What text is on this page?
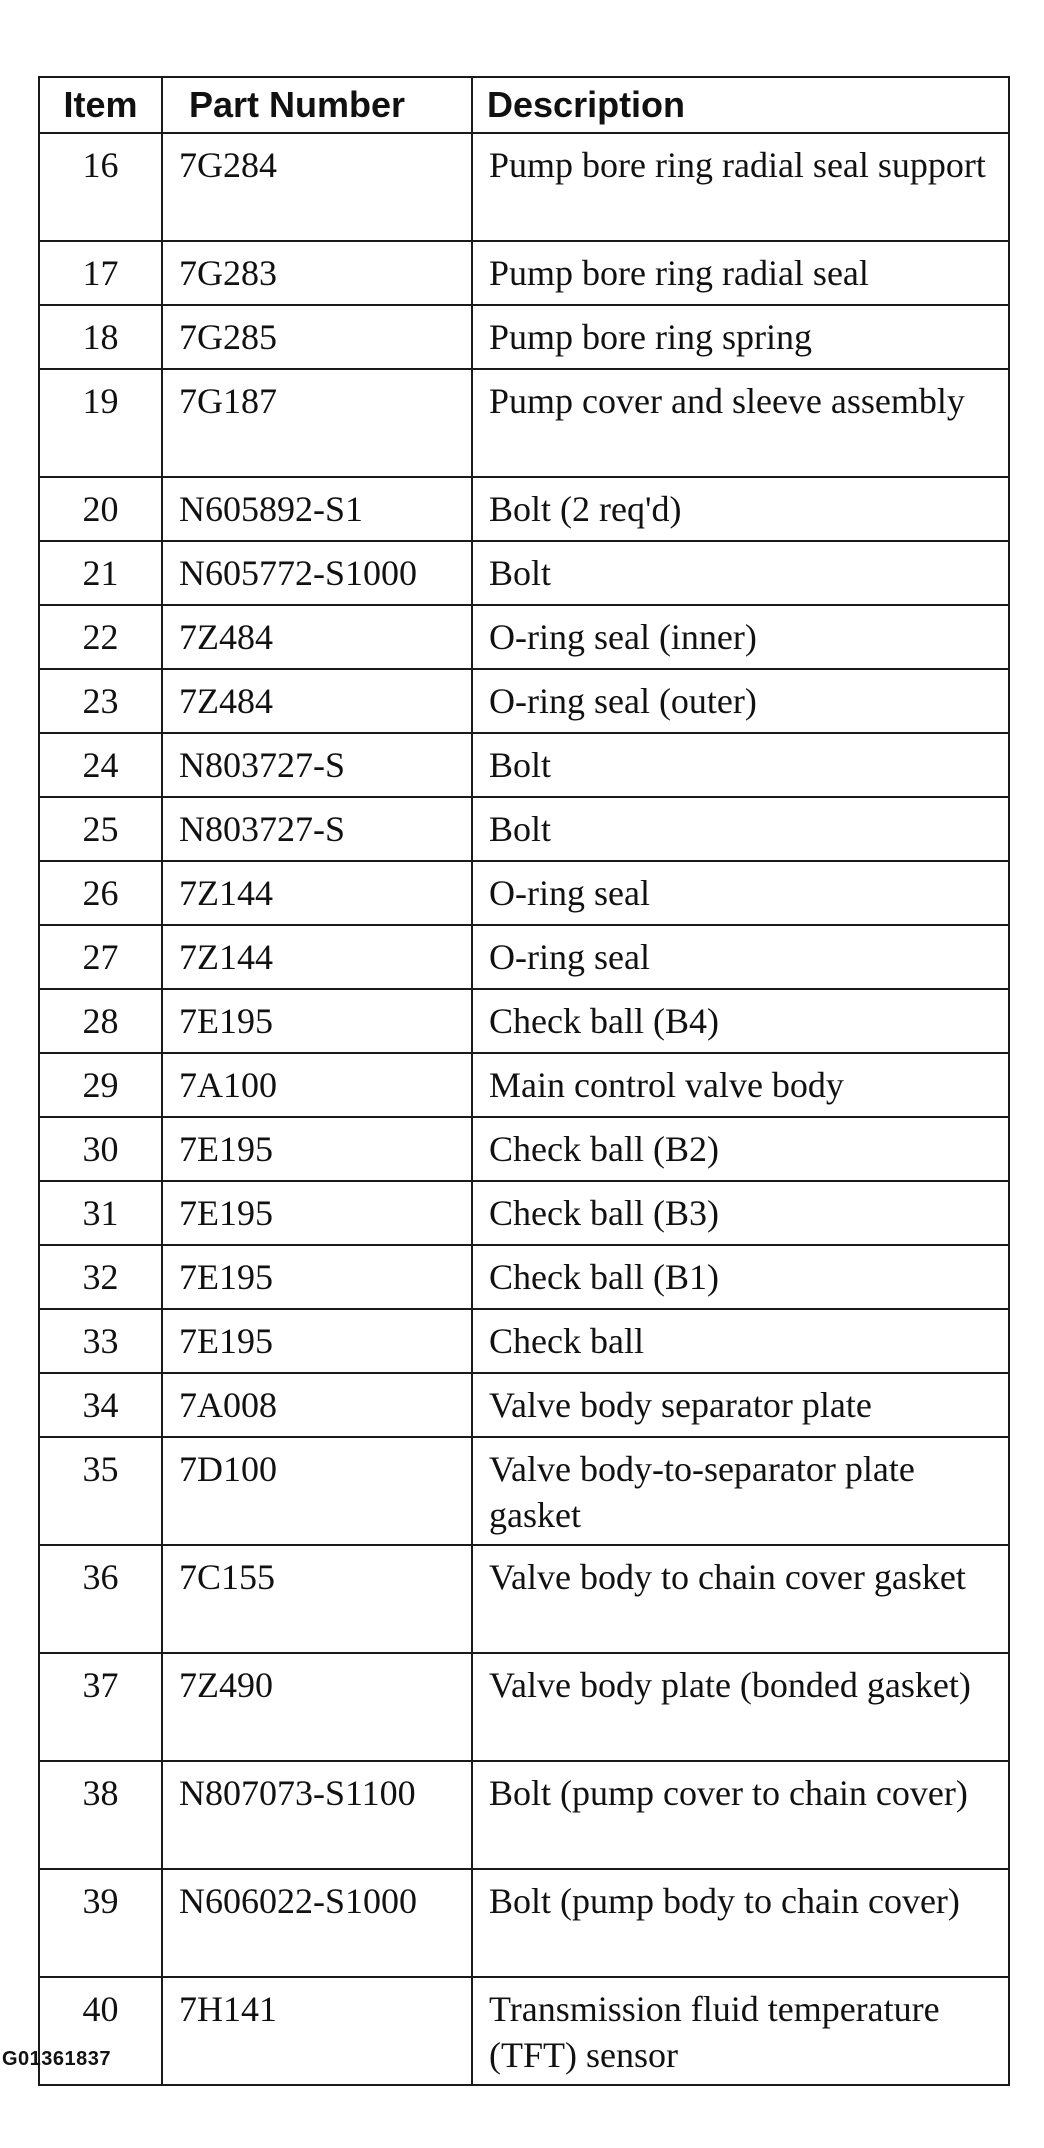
Item	Part Number	Description
16	7G284	Pump bore ring radial seal support
17	7G283	Pump bore ring radial seal
18	7G285	Pump bore ring spring
19	7G187	Pump cover and sleeve assembly
20	N605892-S1	Bolt (2 req'd)
21	N605772-S1000	Bolt
22	7Z484	O-ring seal (inner)
23	7Z484	O-ring seal (outer)
24	N803727-S	Bolt
25	N803727-S	Bolt
26	7Z144	O-ring seal
27	7Z144	O-ring seal
28	7E195	Check ball (B4)
29	7A100	Main control valve body
30	7E195	Check ball (B2)
31	7E195	Check ball (B3)
32	7E195	Check ball (B1)
33	7E195	Check ball
34	7A008	Valve body separator plate
35	7D100	Valve body-to-separator plate gasket
36	7C155	Valve body to chain cover gasket
37	7Z490	Valve body plate (bonded gasket)
38	N807073-S1100	Bolt (pump cover to chain cover)
39	N606022-S1000	Bolt (pump body to chain cover)
40	7H141	Transmission fluid temperature (TFT) sensor
G01361837
